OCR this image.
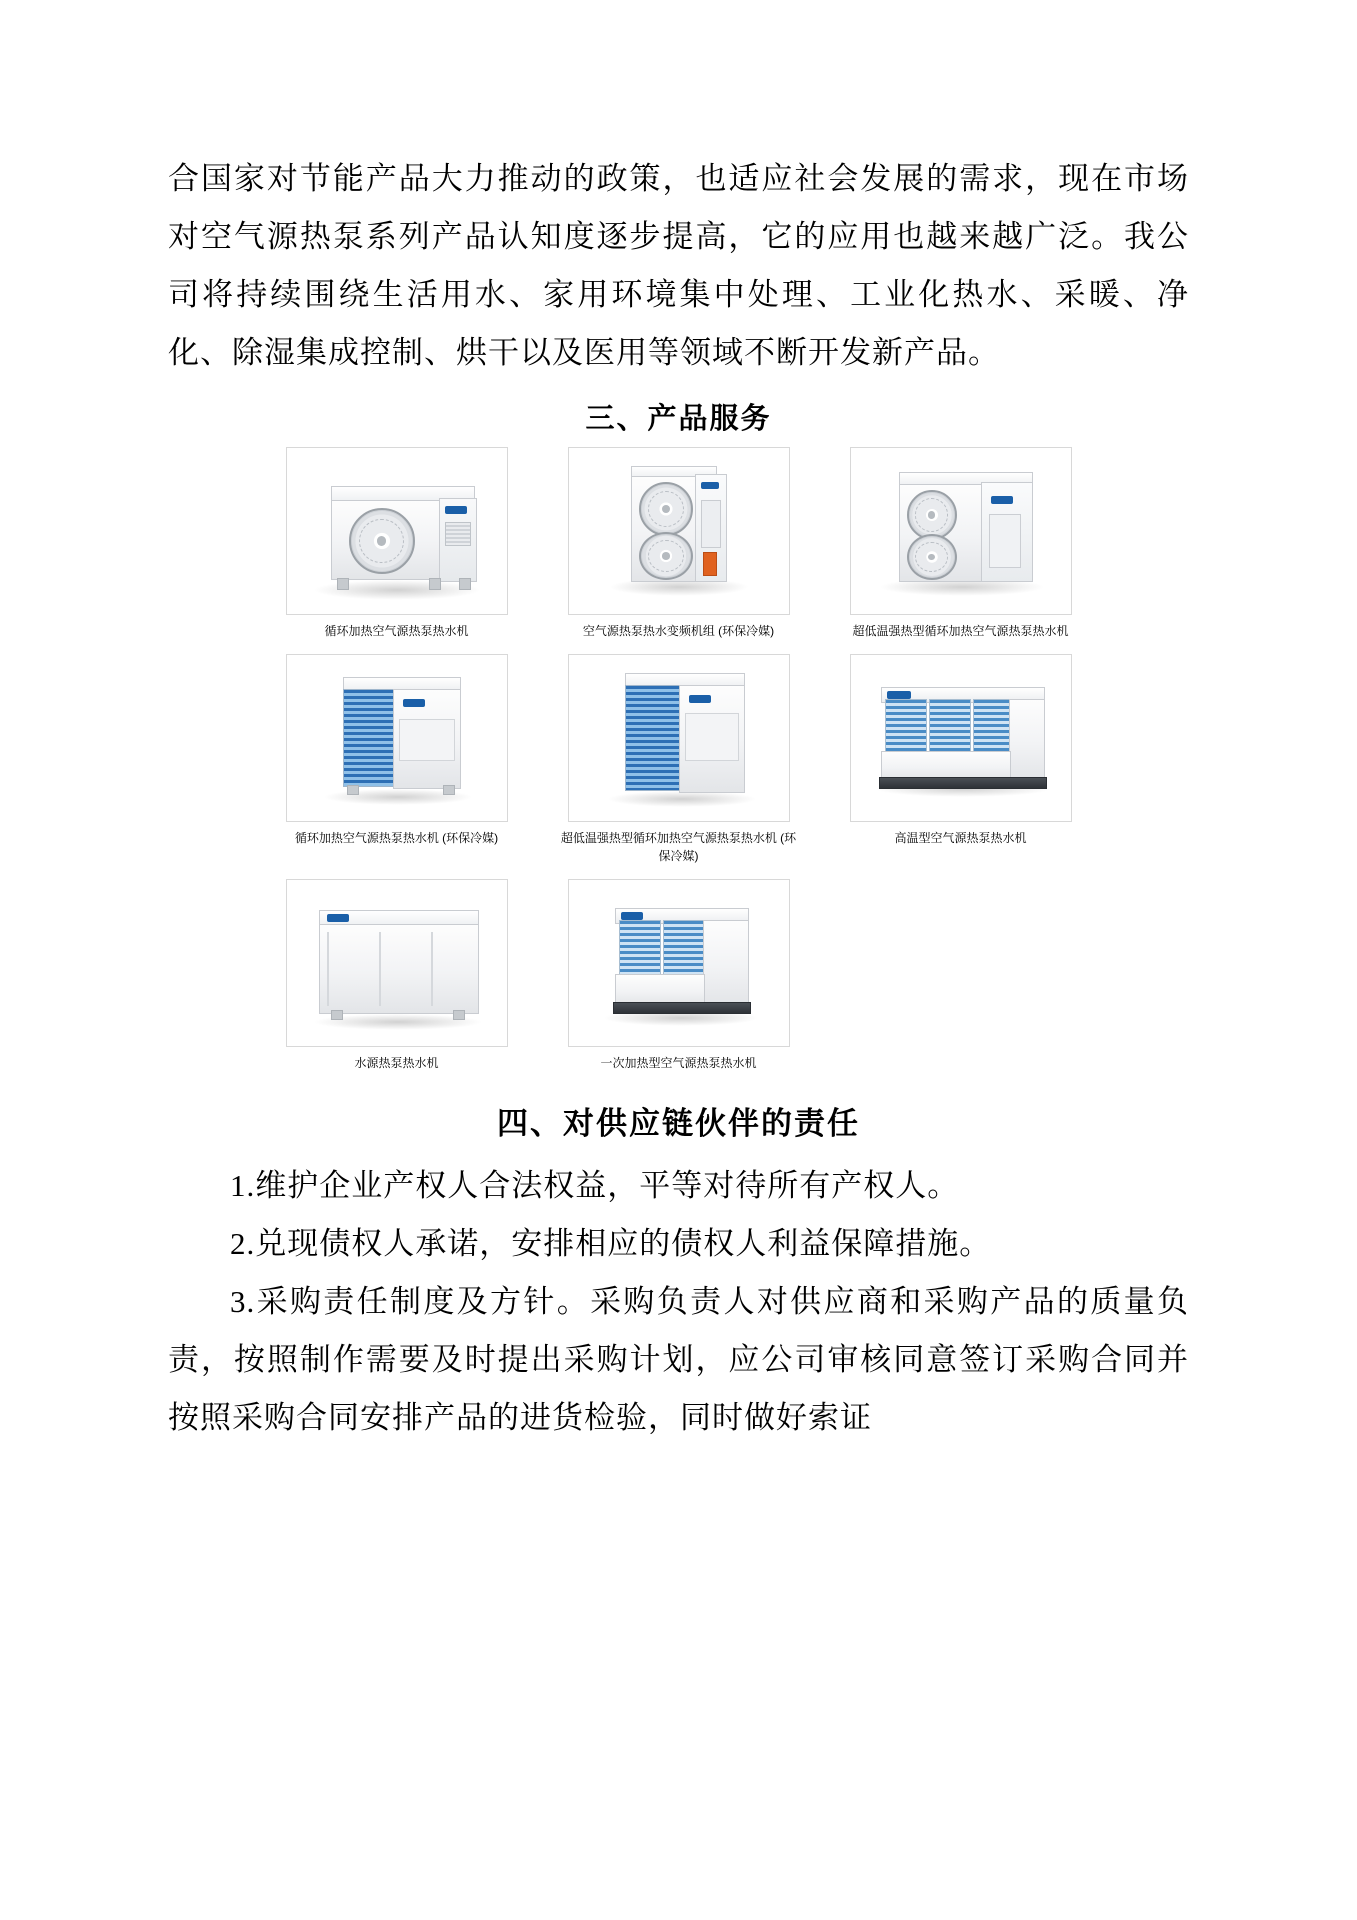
合国家对节能产品大力推动的政策，也适应社会发展的需求，现在市场对空气源热泵系列产品认知度逐步提高，它的应用也越来越广泛。我公司将持续围绕生活用水、家用环境集中处理、工业化热水、采暖、净化、除湿集成控制、烘干以及医用等领域不断开发新产品。

三、产品服务
循环加热空气源热泵热水机	空气源热泵热水变频机组 (环保冷媒)	超低温强热型循环加热空气源热泵热水机
循环加热空气源热泵热水机 (环保冷媒)	超低温强热型循环加热空气源热泵热水机 (环保冷媒)
高温型空气源热泵热水机
水源热泵热水机	一次加热型空气源热泵热水机
四、对供应链伙伴的责任

1.维护企业产权人合法权益，平等对待所有产权人。

2.兑现债权人承诺，安排相应的债权人利益保障措施。

3.采购责任制度及方针。采购负责人对供应商和采购产品的质量负责，按照制作需要及时提出采购计划，应公司审核同意签订采购合同并按照采购合同安排产品的进货检验，同时做好索证
